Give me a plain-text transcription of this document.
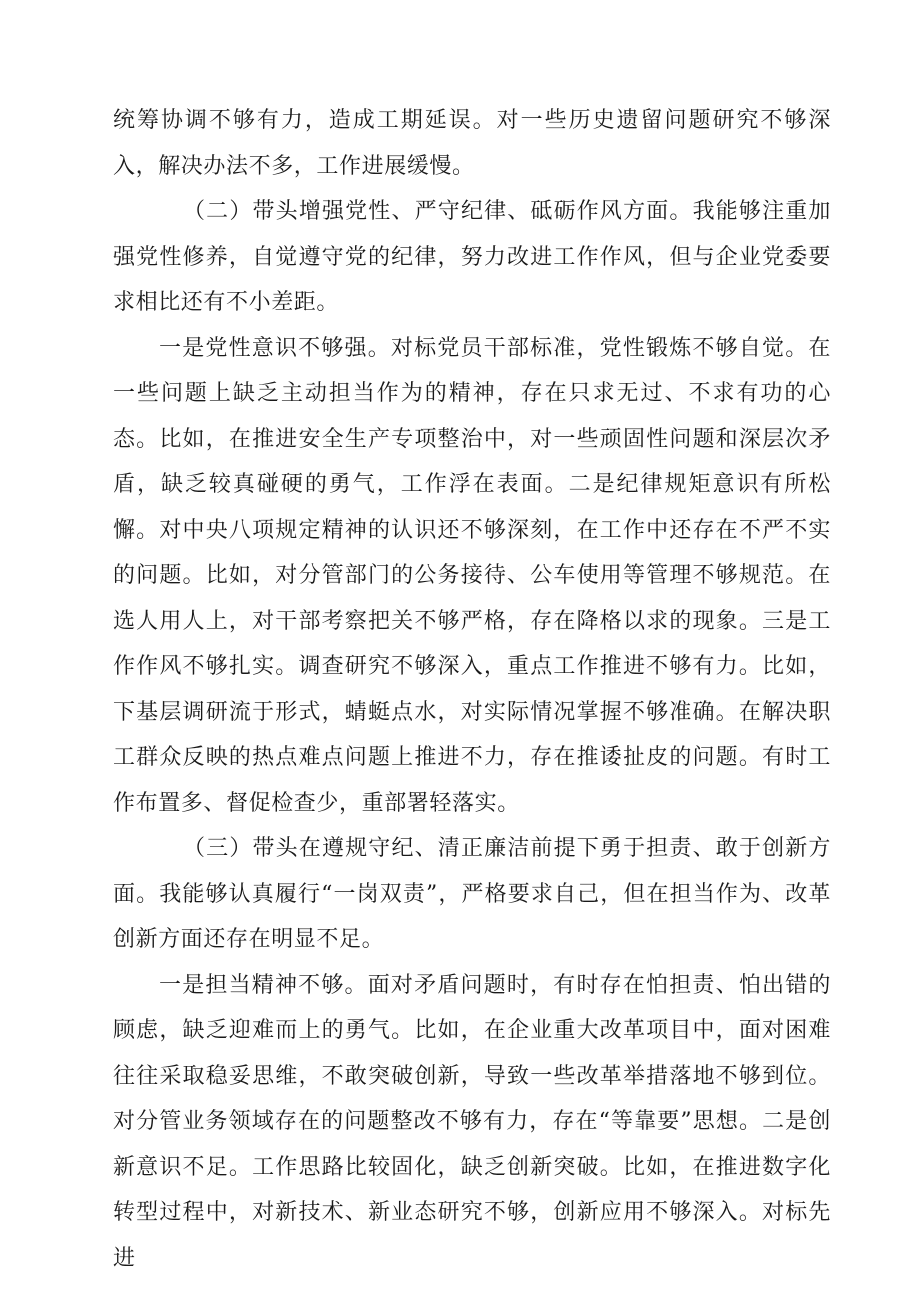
统筹协调不够有力，造成工期延误。对一些历史遗留问题研究不够深入，解决办法不多，工作进展缓慢。

（二）带头增强党性、严守纪律、砥砺作风方面。我能够注重加强党性修养，自觉遵守党的纪律，努力改进工作作风，但与企业党委要求相比还有不小差距。

一是党性意识不够强。对标党员干部标准，党性锻炼不够自觉。在一些问题上缺乏主动担当作为的精神，存在只求无过、不求有功的心态。比如，在推进安全生产专项整治中，对一些顽固性问题和深层次矛盾，缺乏较真碰硬的勇气，工作浮在表面。二是纪律规矩意识有所松懈。对中央八项规定精神的认识还不够深刻，在工作中还存在不严不实的问题。比如，对分管部门的公务接待、公车使用等管理不够规范。在选人用人上，对干部考察把关不够严格，存在降格以求的现象。三是工作作风不够扎实。调查研究不够深入，重点工作推进不够有力。比如，下基层调研流于形式，蜻蜓点水，对实际情况掌握不够准确。在解决职工群众反映的热点难点问题上推进不力，存在推诿扯皮的问题。有时工作布置多、督促检查少，重部署轻落实。

（三）带头在遵规守纪、清正廉洁前提下勇于担责、敢于创新方面。我能够认真履行“一岗双责”，严格要求自己，但在担当作为、改革创新方面还存在明显不足。

一是担当精神不够。面对矛盾问题时，有时存在怕担责、怕出错的顾虑，缺乏迎难而上的勇气。比如，在企业重大改革项目中，面对困难往往采取稳妥思维，不敢突破创新，导致一些改革举措落地不够到位。对分管业务领域存在的问题整改不够有力，存在“等靠要”思想。二是创新意识不足。工作思路比较固化，缺乏创新突破。比如，在推进数字化转型过程中，对新技术、新业态研究不够，创新应用不够深入。对标先进
